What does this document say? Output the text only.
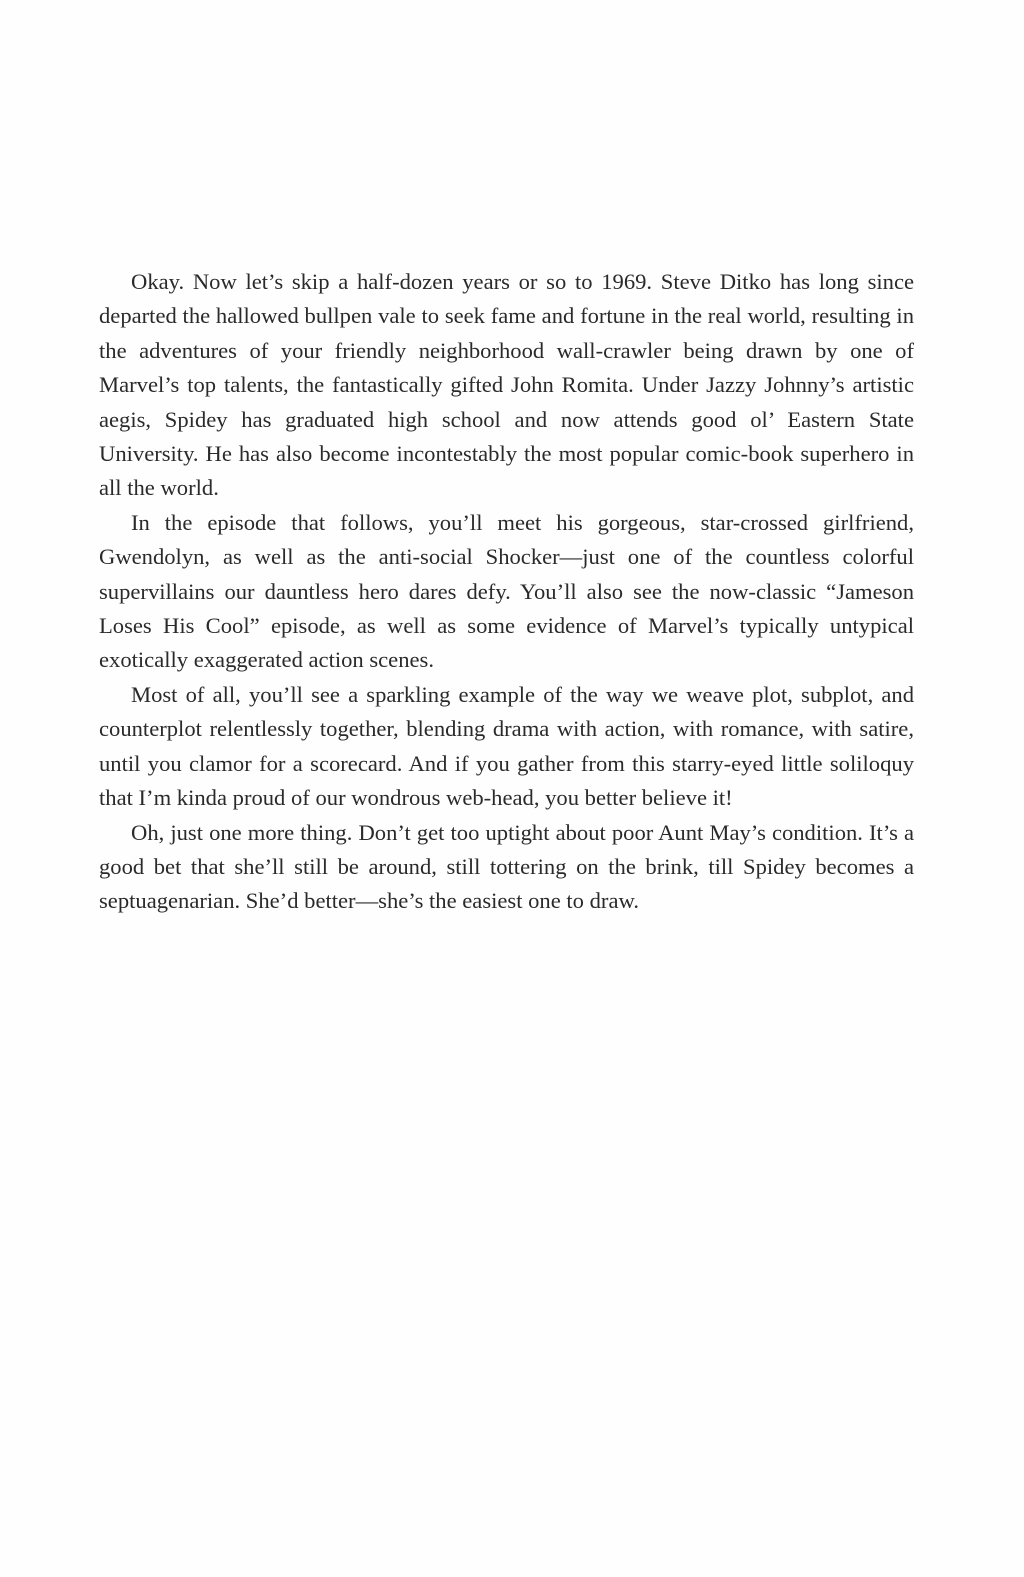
Okay. Now let’s skip a half-dozen years or so to 1969. Steve Ditko has long since departed the hallowed bullpen vale to seek fame and fortune in the real world, resulting in the adventures of your friendly neighborhood wall-crawler being drawn by one of Marvel’s top talents, the fantastically gifted John Romita. Under Jazzy Johnny’s artistic aegis, Spidey has graduated high school and now attends good ol’ Eastern State University. He has also become incontestably the most popular comic-book superhero in all the world.

In the episode that follows, you’ll meet his gorgeous, star-crossed girlfriend, Gwendolyn, as well as the anti-social Shocker—just one of the countless colorful supervillains our dauntless hero dares defy. You’ll also see the now-classic “Jameson Loses His Cool” episode, as well as some evidence of Marvel’s typically untypical exotically exaggerated action scenes.

Most of all, you’ll see a sparkling example of the way we weave plot, subplot, and counterplot relentlessly together, blending drama with action, with romance, with satire, until you clamor for a scorecard. And if you gather from this starry-eyed little soliloquy that I’m kinda proud of our wondrous web-head, you better believe it!

Oh, just one more thing. Don’t get too uptight about poor Aunt May’s condition. It’s a good bet that she’ll still be around, still tottering on the brink, till Spidey becomes a septuagenarian. She’d better—she’s the easiest one to draw.
